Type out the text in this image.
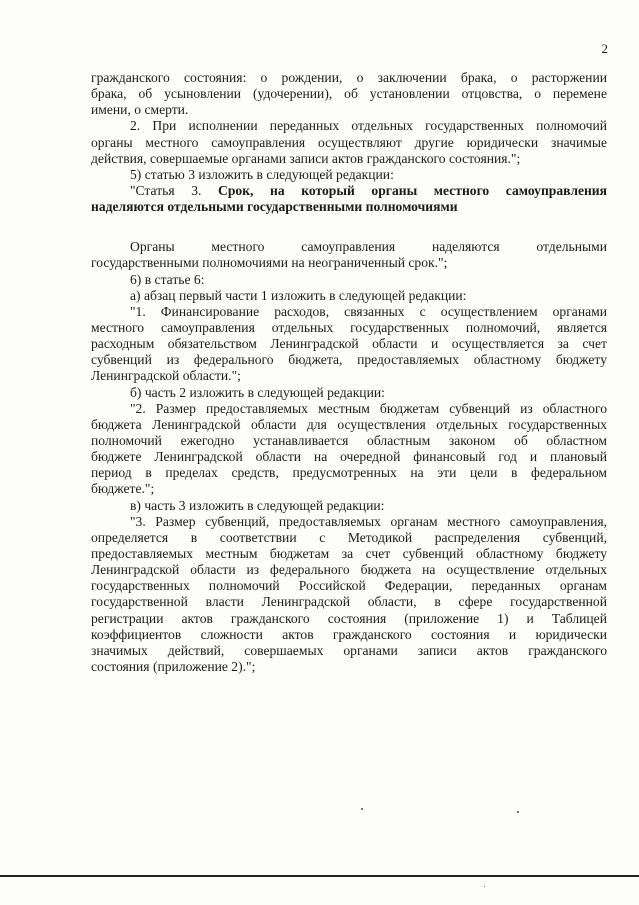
2
гражданского состояния: о рождении, о заключении брака, о расторжении
брака, об усыновлении (удочерении), об установлении отцовства, о перемене
имени, о смерти.
2. При исполнении переданных отдельных государственных полномочий
органы местного самоуправления осуществляют другие юридически значимые
действия, совершаемые органами записи актов гражданского состояния.";
5) статью 3 изложить в следующей редакции:
"Статья 3. Срок, на который органы местного самоуправления
наделяются отдельными государственными полномочиями
Органы местного самоуправления наделяются отдельными
государственными полномочиями на неограниченный срок.";
6) в статье 6:
а) абзац первый части 1 изложить в следующей редакции:
"1. Финансирование расходов, связанных с осуществлением органами
местного самоуправления отдельных государственных полномочий, является
расходным обязательством Ленинградской области и осуществляется за счет
субвенций из федерального бюджета, предоставляемых областному бюджету
Ленинградской области.";
б) часть 2 изложить в следующей редакции:
"2. Размер предоставляемых местным бюджетам субвенций из областного
бюджета Ленинградской области для осуществления отдельных государственных
полномочий ежегодно устанавливается областным законом об областном
бюджете Ленинградской области на очередной финансовый год и плановый
период в пределах средств, предусмотренных на эти цели в федеральном
бюджете.";
в) часть 3 изложить в следующей редакции:
"3. Размер субвенций, предоставляемых органам местного самоуправления,
определяется в соответствии с Методикой распределения субвенций,
предоставляемых местным бюджетам за счет субвенций областному бюджету
Ленинградской области из федерального бюджета на осуществление отдельных
государственных полномочий Российской Федерации, переданных органам
государственной власти Ленинградской области, в сфере государственной
регистрации актов гражданского состояния (приложение 1) и Таблицей
коэффициентов сложности актов гражданского состояния и юридически
значимых действий, совершаемых органами записи актов гражданского
состояния (приложение 2).";
